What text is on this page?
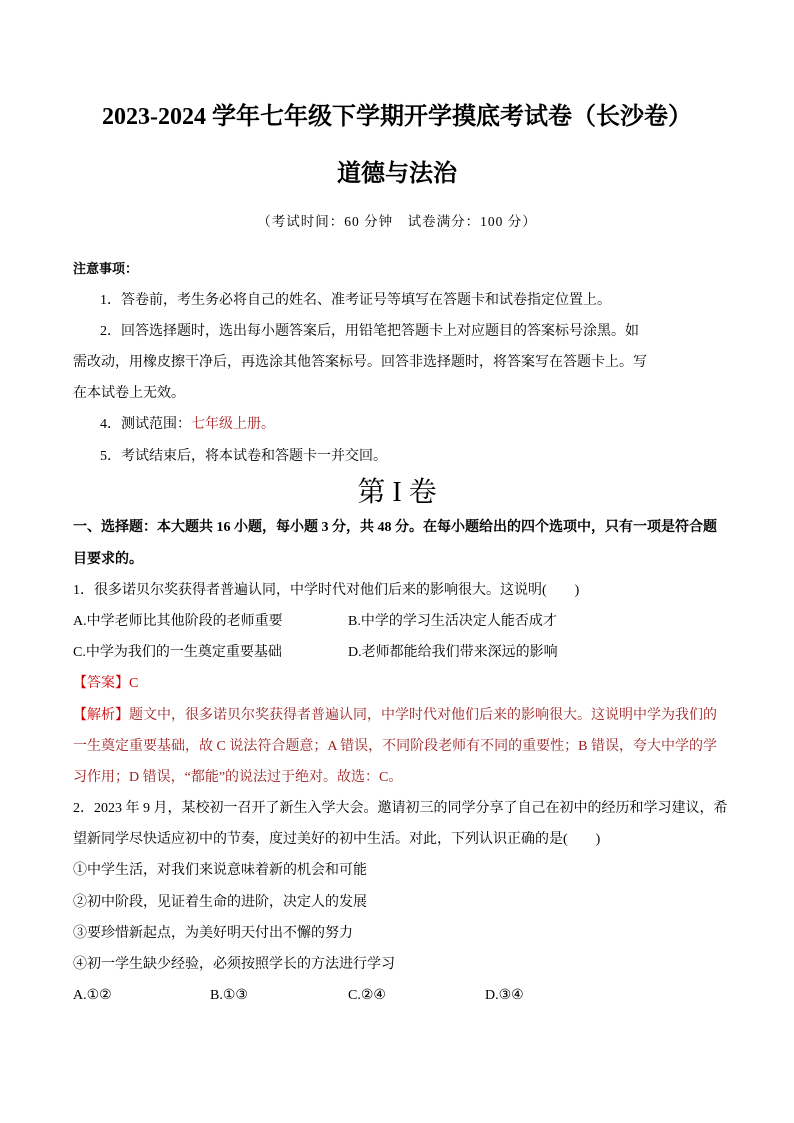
2023-2024 学年七年级下学期开学摸底考试卷（长沙卷）
道德与法治
（考试时间：60 分钟　试卷满分：100 分）
注意事项：
1．答卷前，考生务必将自己的姓名、准考证号等填写在答题卡和试卷指定位置上。
2．回答选择题时，选出每小题答案后，用铅笔把答题卡上对应题目的答案标号涂黑。如
需改动，用橡皮擦干净后，再选涂其他答案标号。回答非选择题时，将答案写在答题卡上。写
在本试卷上无效。
4．测试范围：七年级上册。
5．考试结束后，将本试卷和答题卡一并交回。
第 I 卷
一、选择题：本大题共 16 小题，每小题 3 分，共 48 分。在每小题给出的四个选项中，只有一项是符合题
目要求的。
1．很多诺贝尔奖获得者普遍认同，中学时代对他们后来的影响很大。这说明(　　)
A.中学老师比其他阶段的老师重要	B.中学的学习生活决定人能否成才
C.中学为我们的一生奠定重要基础	D.老师都能给我们带来深远的影响
【答案】C
【解析】题文中，很多诺贝尔奖获得者普遍认同，中学时代对他们后来的影响很大。这说明中学为我们的
一生奠定重要基础，故 C 说法符合题意；A 错误，不同阶段老师有不同的重要性；B 错误，夸大中学的学
习作用；D 错误，“都能”的说法过于绝对。故选：C。
2．2023 年 9 月，某校初一召开了新生入学大会。邀请初三的同学分享了自己在初中的经历和学习建议，希
望新同学尽快适应初中的节奏，度过美好的初中生活。对此，下列认识正确的是(　　)
①中学生活，对我们来说意味着新的机会和可能
②初中阶段，见证着生命的进阶，决定人的发展
③要珍惜新起点，为美好明天付出不懈的努力
④初一学生缺少经验，必须按照学长的方法进行学习
A.①②	B.①③	C.②④	D.③④
